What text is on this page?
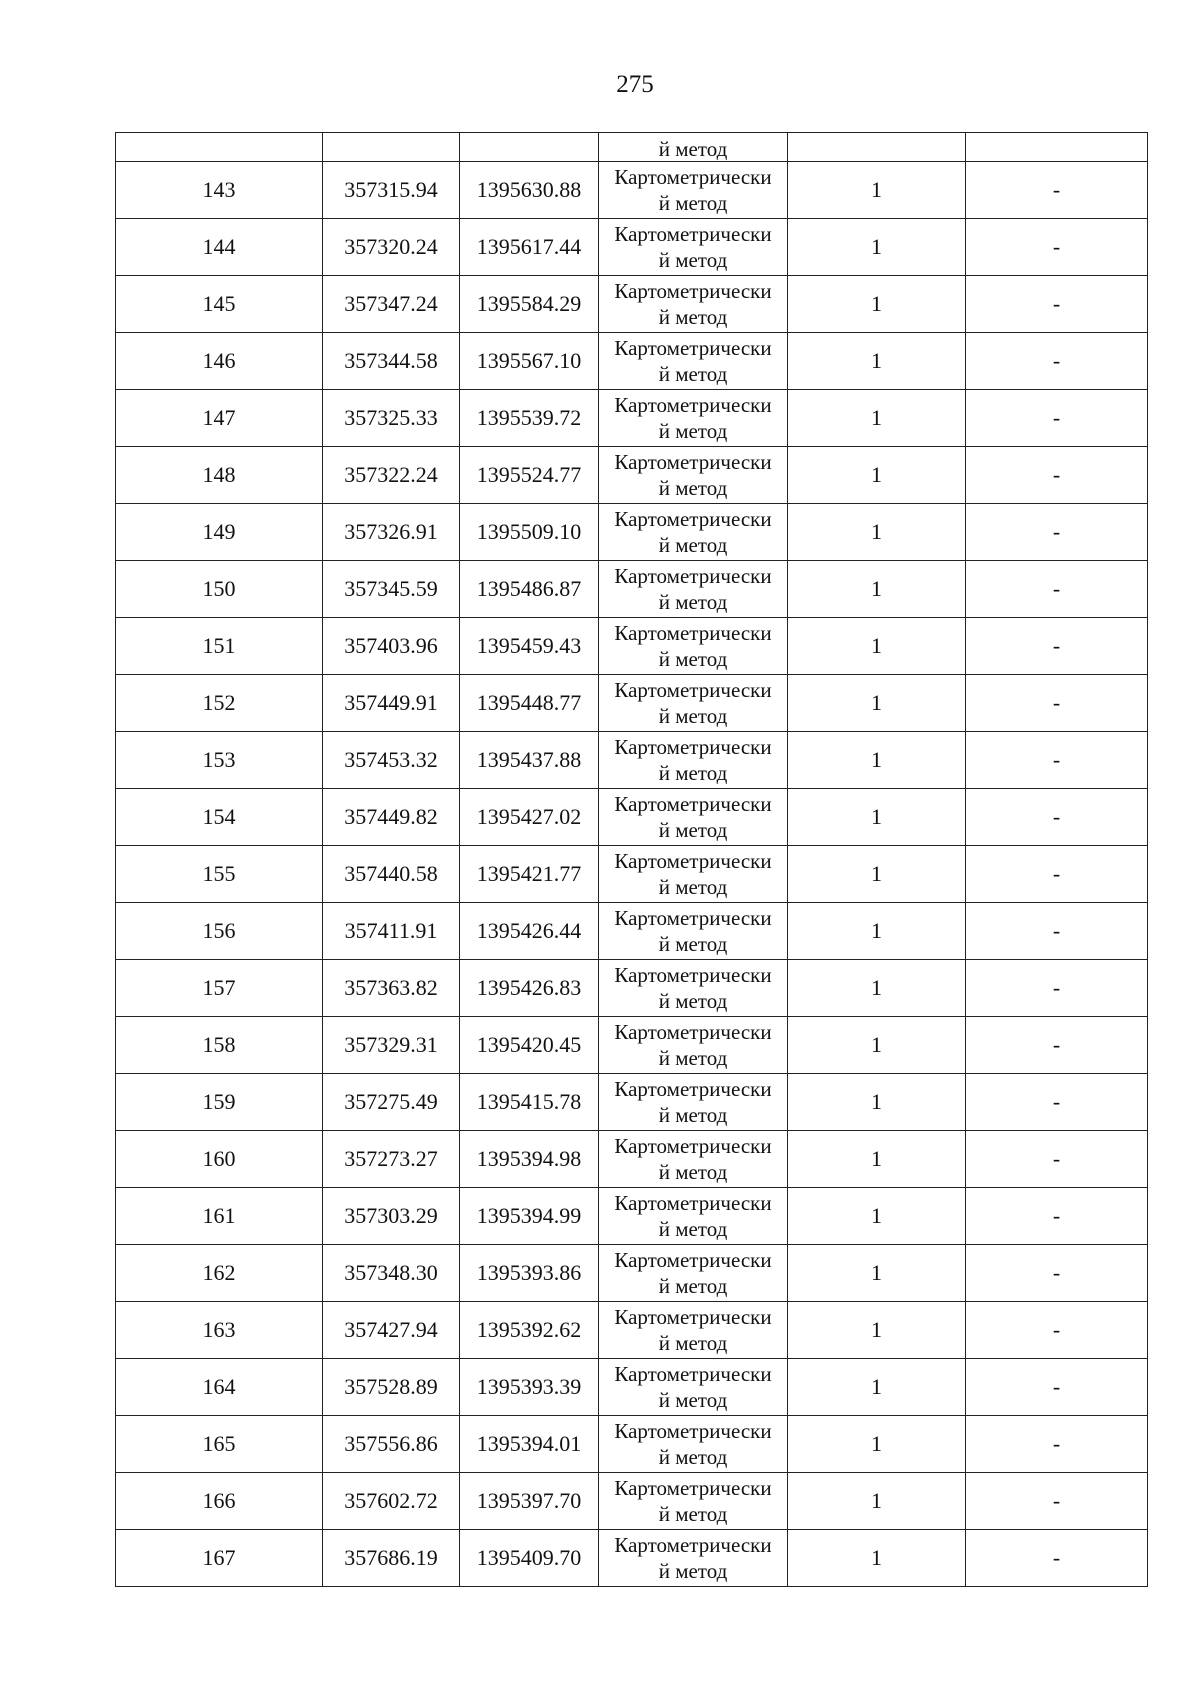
275
			й метод		
143	357315.94	1395630.88	Картометрически
й метод	1	-
144	357320.24	1395617.44	Картометрически
й метод	1	-
145	357347.24	1395584.29	Картометрически
й метод	1	-
146	357344.58	1395567.10	Картометрически
й метод	1	-
147	357325.33	1395539.72	Картометрически
й метод	1	-
148	357322.24	1395524.77	Картометрически
й метод	1	-
149	357326.91	1395509.10	Картометрически
й метод	1	-
150	357345.59	1395486.87	Картометрически
й метод	1	-
151	357403.96	1395459.43	Картометрически
й метод	1	-
152	357449.91	1395448.77	Картометрически
й метод	1	-
153	357453.32	1395437.88	Картометрически
й метод	1	-
154	357449.82	1395427.02	Картометрически
й метод	1	-
155	357440.58	1395421.77	Картометрически
й метод	1	-
156	357411.91	1395426.44	Картометрически
й метод	1	-
157	357363.82	1395426.83	Картометрически
й метод	1	-
158	357329.31	1395420.45	Картометрически
й метод	1	-
159	357275.49	1395415.78	Картометрически
й метод	1	-
160	357273.27	1395394.98	Картометрически
й метод	1	-
161	357303.29	1395394.99	Картометрически
й метод	1	-
162	357348.30	1395393.86	Картометрически
й метод	1	-
163	357427.94	1395392.62	Картометрически
й метод	1	-
164	357528.89	1395393.39	Картометрически
й метод	1	-
165	357556.86	1395394.01	Картометрически
й метод	1	-
166	357602.72	1395397.70	Картометрически
й метод	1	-
167	357686.19	1395409.70	Картометрически
й метод	1	-
